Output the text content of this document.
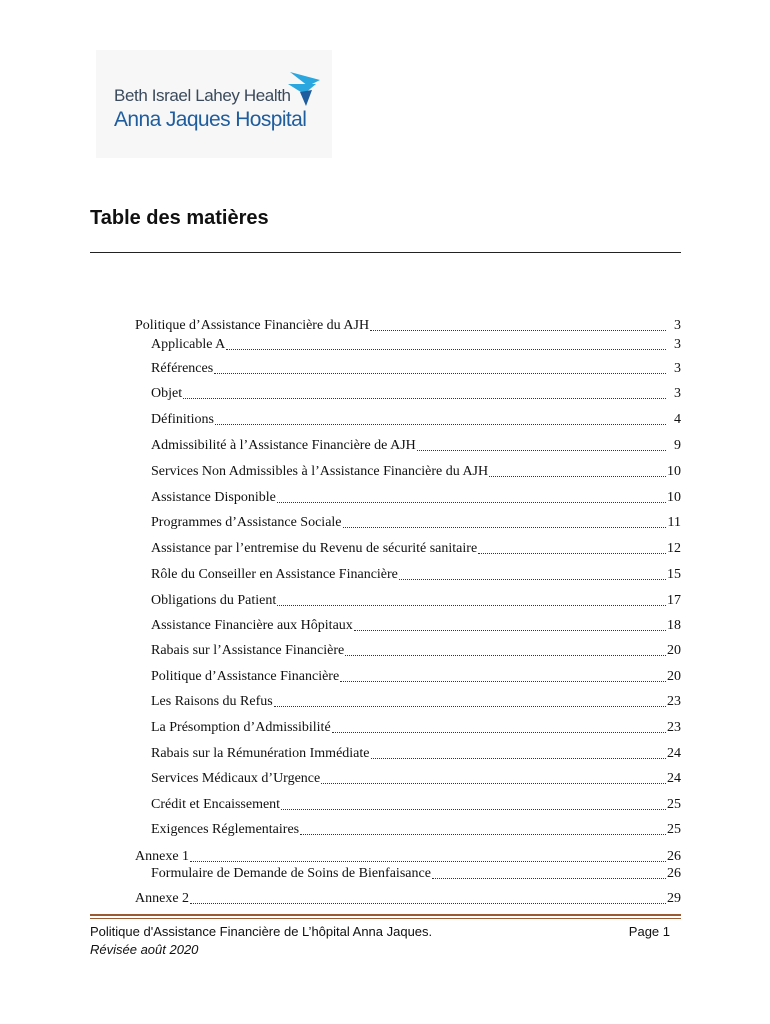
Beth Israel Lahey Health
Anna Jaques Hospital
Table des matières
Politique d’Assistance Financière du AJH	3
Applicable A	3
Références	3
Objet	3
Définitions	4
Admissibilité à l’Assistance Financière de AJH	9
Services Non Admissibles à l’Assistance Financière du AJH	10
Assistance Disponible	10
Programmes d’Assistance Sociale	11
Assistance par l’entremise du Revenu de sécurité sanitaire	12
Rôle du Conseiller en Assistance Financière	15
Obligations du Patient	17
Assistance Financière aux Hôpitaux	18
Rabais sur l’Assistance Financière	20
Politique d’Assistance Financière	20
Les Raisons du Refus	23
La Présomption d’Admissibilité	23
Rabais sur la Rémunération Immédiate	24
Services Médicaux d’Urgence	24
Crédit et Encaissement	25
Exigences Réglementaires	25
Annexe 1	26
Formulaire de Demande de Soins de Bienfaisance	26
Annexe 2	29
Politique d'Assistance Financière de L’hôpital Anna Jaques.	Page 1
Révisée août 2020
